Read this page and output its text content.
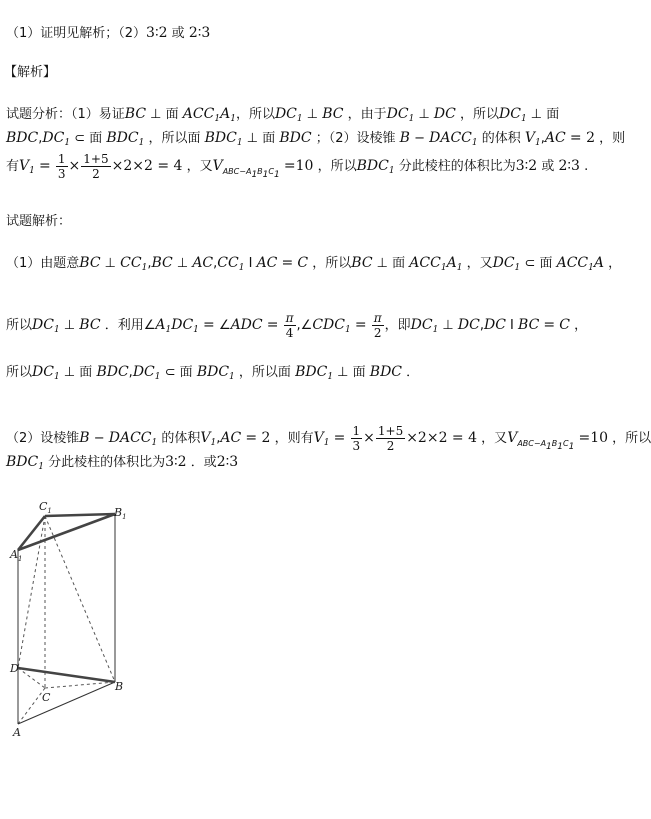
（1）证明见解析；（2）3∶2 或 2∶3
【解析】
试题分析：（1）易证BC ⊥ 面 $ACC_1A_1$，所以$DC_1$ ⊥ BC ，由于$DC_1$ ⊥ DC ，所以$DC_1$ ⊥ 面
$BDC,DC_1$ ⊂ 面 $BDC_1$ ，所以面 $BDC_1$ ⊥ 面 BDC ；（2）设棱锥 $B - DACC_1$ 的体积 $V_1,AC = 2$ ，则
有$V_1 = \frac{1}{3} \times \frac{1+5}{2} \times 2\times 2 = 4$ ，又$V_{ABC-A_1B_1C_1} =10$ ，所以$BDC_1$ 分此棱柱的体积比为3∶2 或 2∶3 .
试题解析：
（1）由题意BC ⊥ $CC_1,BC$ ⊥ $AC,CC_1$ I AC = C ，所以BC ⊥ 面 $ACC_1A_1$ ，又$DC_1$ ⊂ 面 $ACC_1A$ ，
所以$DC_1$ ⊥ BC ．利用$\angle A_1DC_1$ = ∠ADC = $\frac{\pi}{4}$ $,\angle CDC_1 = \frac{\pi}{2}$ ，即$DC_1$ ⊥ DC,DC I BC = C ，
所以$DC_1$ ⊥ 面 $BDC,DC_1$ ⊂ 面 $BDC_1$ ，所以面 $BDC_1$ ⊥ 面 BDC ．
（2）设棱锥$B - DACC_1$ 的体积$V_1,AC = 2$ ，则有$V_1 = \frac{1}{3} \times \frac{1+5}{2} \times 2\times 2 = 4$ ，又$V_{ABC-A_1B_1C_1} =10$ ，所以
$BDC_1$ 分此棱柱的体积比为3∶2 ．或2∶3
$C_1$	$B_1$
$A_1$
D
C
B
A
